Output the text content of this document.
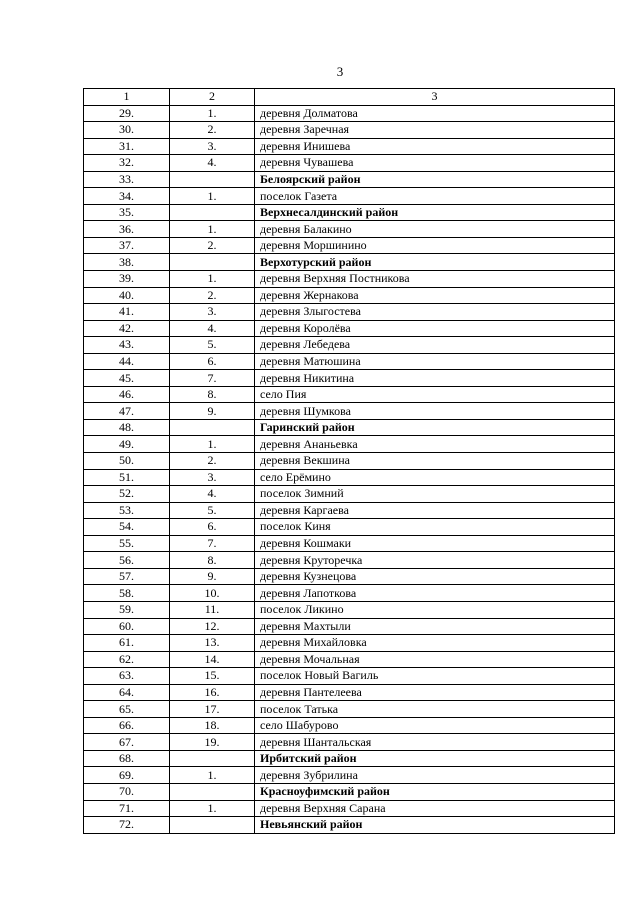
3
1	2	3
29.	1.	деревня Долматова
30.	2.	деревня Заречная
31.	3.	деревня Инишева
32.	4.	деревня Чувашева
33.		Белоярский район
34.	1.	поселок Газета
35.		Верхнесалдинский район
36.	1.	деревня Балакино
37.	2.	деревня Моршинино
38.		Верхотурский район
39.	1.	деревня Верхняя Постникова
40.	2.	деревня Жернакова
41.	3.	деревня Злыгостева
42.	4.	деревня Королёва
43.	5.	деревня Лебедева
44.	6.	деревня Матюшина
45.	7.	деревня Никитина
46.	8.	село Пия
47.	9.	деревня Шумкова
48.		Гаринский район
49.	1.	деревня Ананьевка
50.	2.	деревня Векшина
51.	3.	село Ерёмино
52.	4.	поселок Зимний
53.	5.	деревня Каргаева
54.	6.	поселок Киня
55.	7.	деревня Кошмаки
56.	8.	деревня Круторечка
57.	9.	деревня Кузнецова
58.	10.	деревня Лапоткова
59.	11.	поселок Ликино
60.	12.	деревня Махтыли
61.	13.	деревня Михайловка
62.	14.	деревня Мочальная
63.	15.	поселок Новый Вагиль
64.	16.	деревня Пантелеева
65.	17.	поселок Татька
66.	18.	село Шабурово
67.	19.	деревня Шантальская
68.		Ирбитский район
69.	1.	деревня Зубрилина
70.		Красноуфимский район
71.	1.	деревня Верхняя Сарана
72.		Невьянский район
